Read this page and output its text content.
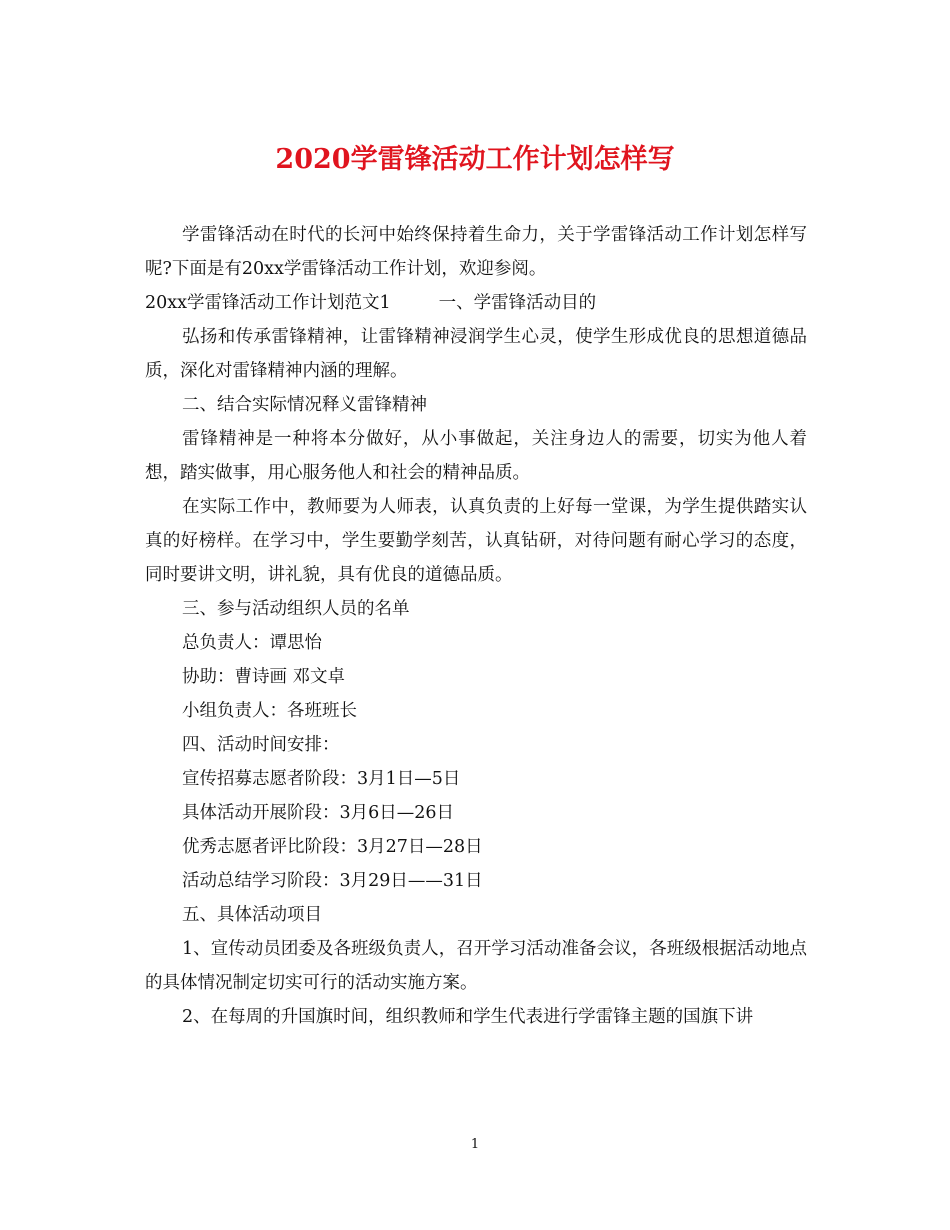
2020学雷锋活动工作计划怎样写

学雷锋活动在时代的长河中始终保持着生命力，关于学雷锋活动工作计划怎样写呢?下面是有20xx学雷锋活动工作计划，欢迎参阅。

20xx学雷锋活动工作计划范文1	一、学雷锋活动目的

弘扬和传承雷锋精神，让雷锋精神浸润学生心灵，使学生形成优良的思想道德品质，深化对雷锋精神内涵的理解。

二、结合实际情况释义雷锋精神

雷锋精神是一种将本分做好，从小事做起，关注身边人的需要，切实为他人着想，踏实做事，用心服务他人和社会的精神品质。

在实际工作中，教师要为人师表，认真负责的上好每一堂课，为学生提供踏实认真的好榜样。在学习中，学生要勤学刻苦，认真钻研，对待问题有耐心学习的态度，同时要讲文明，讲礼貌，具有优良的道德品质。

三、参与活动组织人员的名单

总负责人：谭思怡

协助：曹诗画 邓文卓

小组负责人：各班班长

四、活动时间安排：

宣传招募志愿者阶段：3月1日—5日

具体活动开展阶段：3月6日—26日

优秀志愿者评比阶段：3月27日—28日

活动总结学习阶段：3月29日——31日

五、具体活动项目

1、宣传动员团委及各班级负责人，召开学习活动准备会议，各班级根据活动地点的具体情况制定切实可行的活动实施方案。

2、在每周的升国旗时间，组织教师和学生代表进行学雷锋主题的国旗下讲

1
